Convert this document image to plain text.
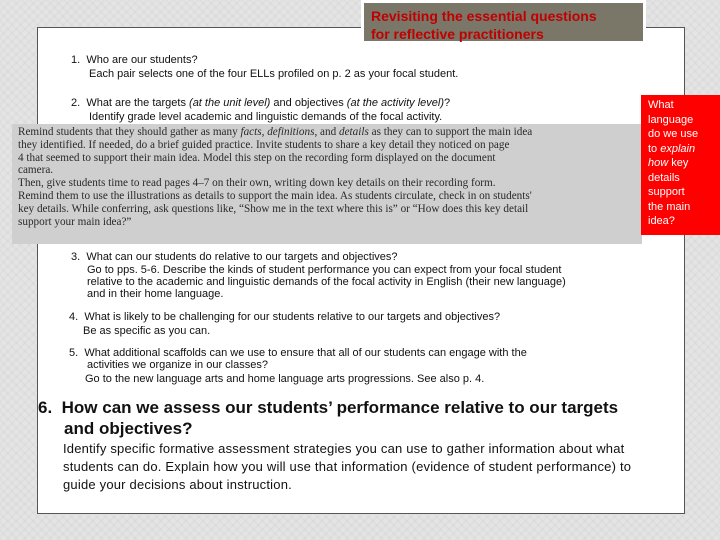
Revisiting the essential questions
for reflective practitioners
1. Who are our students?
Each pair selects one of the four ELLs profiled on p. 2 as your focal student.
2. What are the targets (at the unit level) and objectives (at the activity level)?
Identify grade level academic and linguistic demands of the focal activity.

Remind students that they should gather as many facts, definitions, and details as they can to support the main idea

they identified. If needed, do a brief guided practice. Invite students to share a key detail they noticed on page

4 that seemed to support their main idea. Model this step on the recording form displayed on the document

camera.

Then, give students time to read pages 4–7 on their own, writing down key details on their recording form.

Remind them to use the illustrations as details to support the main idea. As students circulate, check in on students'

key details. While conferring, ask questions like, “Show me in the text where this is” or “How does this key detail

support your main idea?”

What
language
do we use
to explain
how key
details
support
the main
idea?
3. What can our students do relative to our targets and objectives?
Go to pps. 5-6. Describe the kinds of student performance you can expect from your focal student
relative to the academic and linguistic demands of the focal activity in English (their new language)
and in their home language.
4. What is likely to be challenging for our students relative to our targets and objectives?
Be as specific as you can.
5. What additional scaffolds can we use to ensure that all of our students can engage with the
activities we organize in our classes?
Go to the new language arts and home language arts progressions. See also p. 4.
6. How can we assess our students’ performance relative to our targets and objectives?
Identify specific formative assessment strategies you can use to gather information about what students can do. Explain how you will use that information (evidence of student performance) to guide your decisions about instruction.
